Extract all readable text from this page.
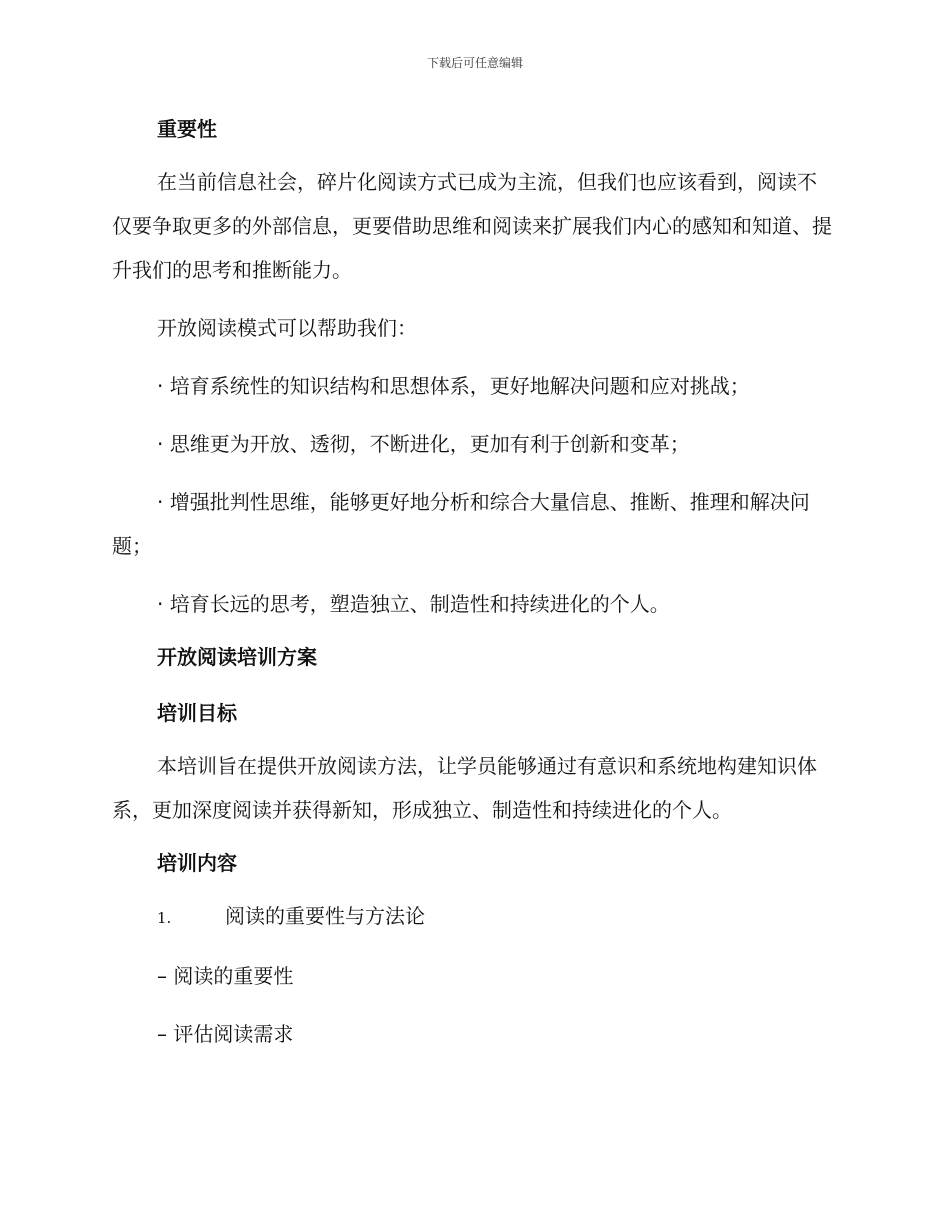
下载后可任意编辑
重要性
在当前信息社会，碎片化阅读方式已成为主流，但我们也应该看到，阅读不仅要争取更多的外部信息，更要借助思维和阅读来扩展我们内心的感知和知道、提升我们的思考和推断能力。
开放阅读模式可以帮助我们：
· 培育系统性的知识结构和思想体系，更好地解决问题和应对挑战；
· 思维更为开放、透彻，不断进化，更加有利于创新和变革；
· 增强批判性思维，能够更好地分析和综合大量信息、推断、推理和解决问题；
· 培育长远的思考，塑造独立、制造性和持续进化的个人。
开放阅读培训方案
培训目标
本培训旨在提供开放阅读方法，让学员能够通过有意识和系统地构建知识体系，更加深度阅读并获得新知，形成独立、制造性和持续进化的个人。
培训内容
1.	阅读的重要性与方法论
– 阅读的重要性
– 评估阅读需求
